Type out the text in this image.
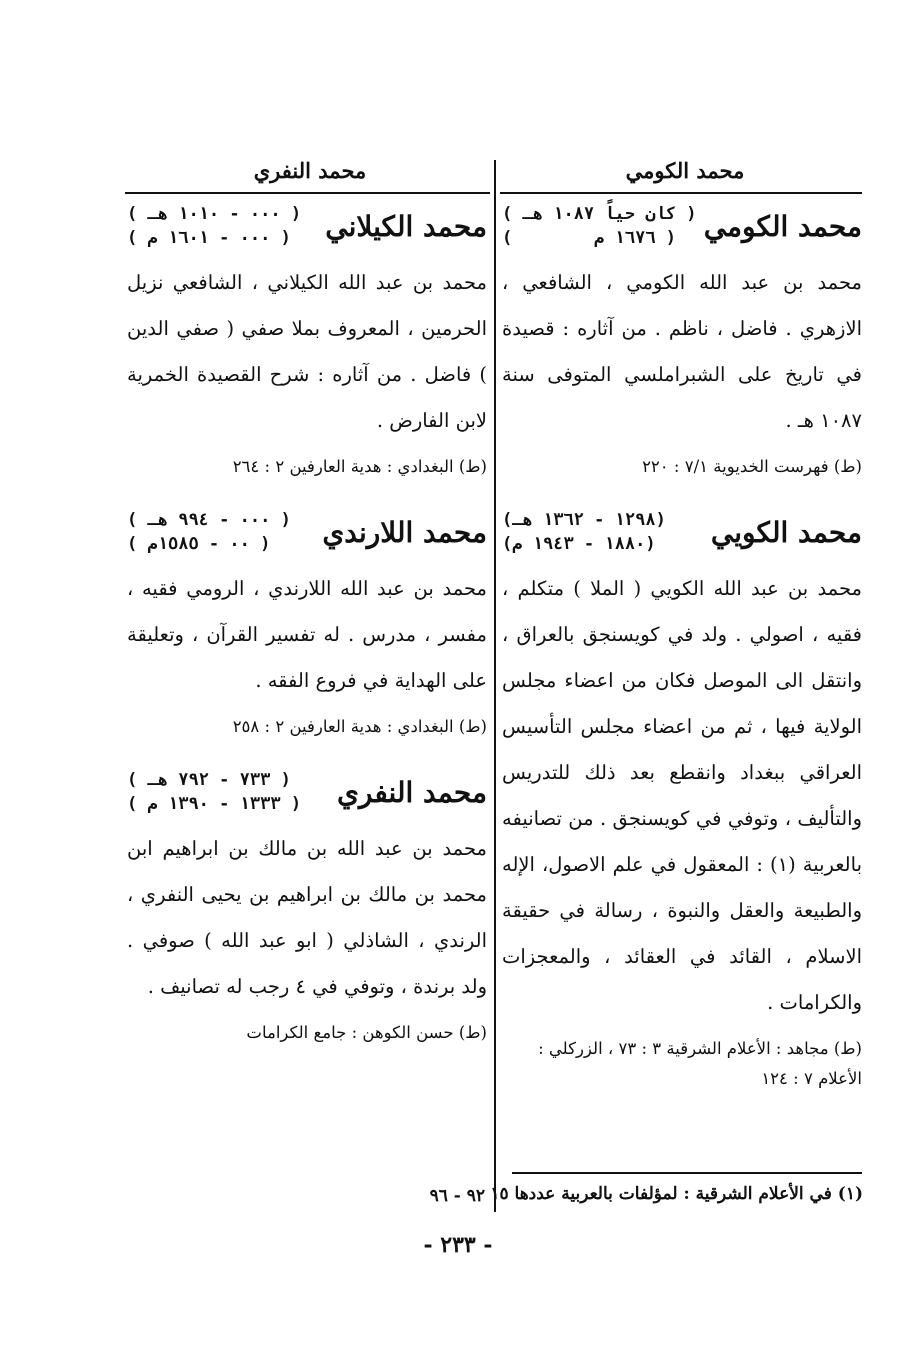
محمد الكومي
محمد النفري
محمد الكومي
( كان حياً ١٠٨٧ هـ )
(        ١٦٧٦ م )

محمد بن عبد الله الكومي ، الشافعي ، الازهري . فاضل ، ناظم . من آثاره : قصيدة في تاريخ على الشبراملسي المتوفى سنة ١٠٨٧ هـ .

(ط) فهرست الخديوية ٧/١ : ٢٢٠
محمد الكويي
(١٢٩٨ - ١٣٦٢ هـ)
(١٨٨٠ - ١٩٤٣ م)

محمد بن عبد الله الكويي ( الملا ) متكلم ، فقيه ، اصولي . ولد في كويسنجق بالعراق ، وانتقل الى الموصل فكان من اعضاء مجلس الولاية فيها ، ثم من اعضاء مجلس التأسيس العراقي ببغداد وانقطع بعد ذلك للتدريس والتأليف ، وتوفي في كويسنجق . من تصانيفه بالعربية (١) : المعقول في علم الاصول، الإله والطبيعة والعقل والنبوة ، رسالة في حقيقة الاسلام ، القائد في العقائد ، والمعجزات والكرامات .

(ط) مجاهد : الأعلام الشرقية ٣ : ٧٣ ، الزركلي : الأعلام ٧ : ١٢٤
محمد الكيلاني
( ٠٠٠ - ١٠١٠ هـ )
( ٠٠٠ - ١٦٠١ م )

محمد بن عبد الله الكيلاني ، الشافعي نزيل الحرمين ، المعروف بملا صفي ( صفي الدين ) فاضل . من آثاره : شرح القصيدة الخمرية لابن الفارض .

(ط) البغدادي : هدية العارفين ٢ : ٢٦٤
محمد اللارندي
( ٠٠٠ - ٩٩٤ هـ )
( ٠٠ - ١٥٨٥م )

محمد بن عبد الله اللارندي ، الرومي فقيه ، مفسر ، مدرس . له تفسير القرآن ، وتعليقة على الهداية في فروع الفقه .

(ط) البغدادي : هدية العارفين ٢ : ٢٥٨
محمد النفري
( ٧٣٣ - ٧٩٢ هـ )
( ١٣٣٣ - ١٣٩٠ م )

محمد بن عبد الله بن مالك بن ابراهيم ابن محمد بن مالك بن ابراهيم بن يحيى النفري ، الرندي ، الشاذلي ( ابو عبد الله ) صوفي . ولد برندة ، وتوفي في ٤ رجب له تصانيف .

(ط) حسن الكوهن : جامع الكرامات
٩٢ - ٩٦ (١) في الأعلام الشرقية : لمؤلفات بالعربية عددها ١٥
- ٢٣٣ -
